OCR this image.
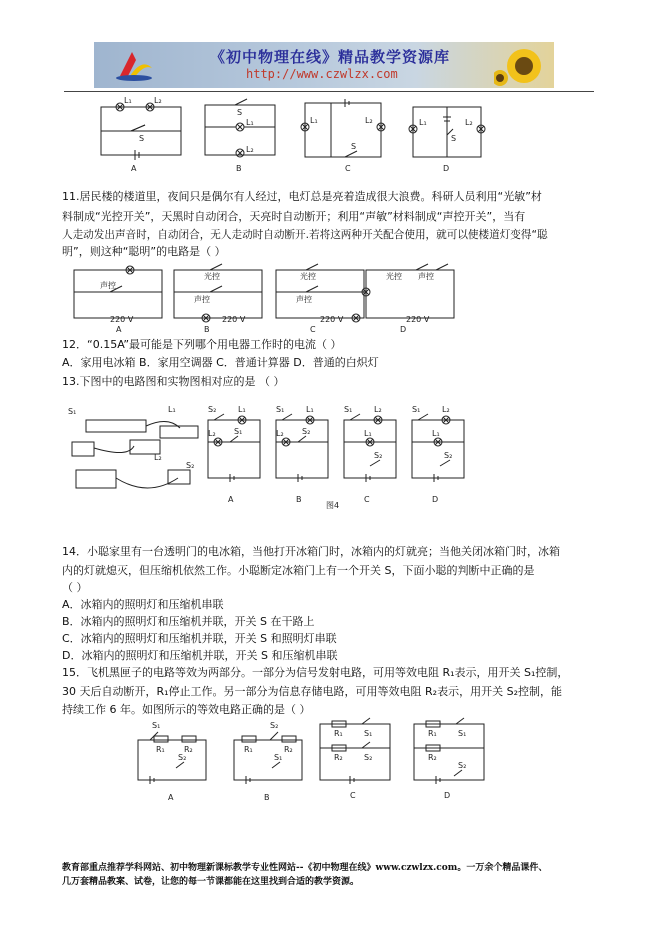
《初中物理在线》精品教学资源库
http://www.czwlzx.com
L₁	L₂
S
A
S
L₁
L₂
B
L₁	L₂
S
C
L₁	L₂
S
D
11.居民楼的楼道里，夜间只是偶尔有人经过，电灯总是亮着造成很大浪费。科研人员利用“光敏”材
料制成“光控开关”，天黑时自动闭合，天亮时自动断开；利用“声敏”材料制成“声控开关”，当有
人走动发出声音时，自动闭合，无人走动时自动断开.若将这两种开关配合使用，就可以使楼道灯变得“聪
明”，则这种“聪明”的电路是（ ）
声控
220 V
A
光控
声控
220 V
B
光控
声控
220 V
C
光控 声控
220 V
D
12．“0.15A”最可能是下列哪个用电器工作时的电流（ ）
A．家用电冰箱 B．家用空调器 C．普通计算器 D．普通的白炽灯
13.下图中的电路图和实物图相对应的是 （ ）
S₁	L₁
L₂
S₂
S₂	L₁
S₁
L₂
A
S₁	L₁
S₂
L₂
B
S₁	L₂
L₁
S₂
C
S₁	L₂
L₁
S₂
D
图4
14．小聪家里有一台透明门的电冰箱，当他打开冰箱门时，冰箱内的灯就亮；当他关闭冰箱门时，冰箱
内的灯就熄灭，但压缩机依然工作。小聪断定冰箱门上有一个开关 S，下面小聪的判断中正确的是
（ ）
A．冰箱内的照明灯和压缩机串联
B．冰箱内的照明灯和压缩机并联，开关 S 在干路上
C．冰箱内的照明灯和压缩机并联，开关 S 和照明灯串联
D．冰箱内的照明灯和压缩机并联，开关 S 和压缩机串联
15．飞机黑匣子的电路等效为两部分。一部分为信号发射电路，可用等效电阻 R₁表示，用开关 S₁控制，
30 天后自动断开，R₁停止工作。另一部分为信息存储电路，可用等效电阻 R₂表示，用开关 S₂控制，能
持续工作 6 年。如图所示的等效电路正确的是（ ）
S₁
R₁ R₂
S₂
A
S₂
R₁	R₂
S₁
B
R₁	S₁
R₂	S₂
C
R₁	S₁
R₂
S₂
D
教育部重点推荐学科网站、初中物理新课标教学专业性网站--《初中物理在线》www.czwlzx.com。一万余个精品课件、
几万套精品教案、试卷，让您的每一节课都能在这里找到合适的教学资源。
